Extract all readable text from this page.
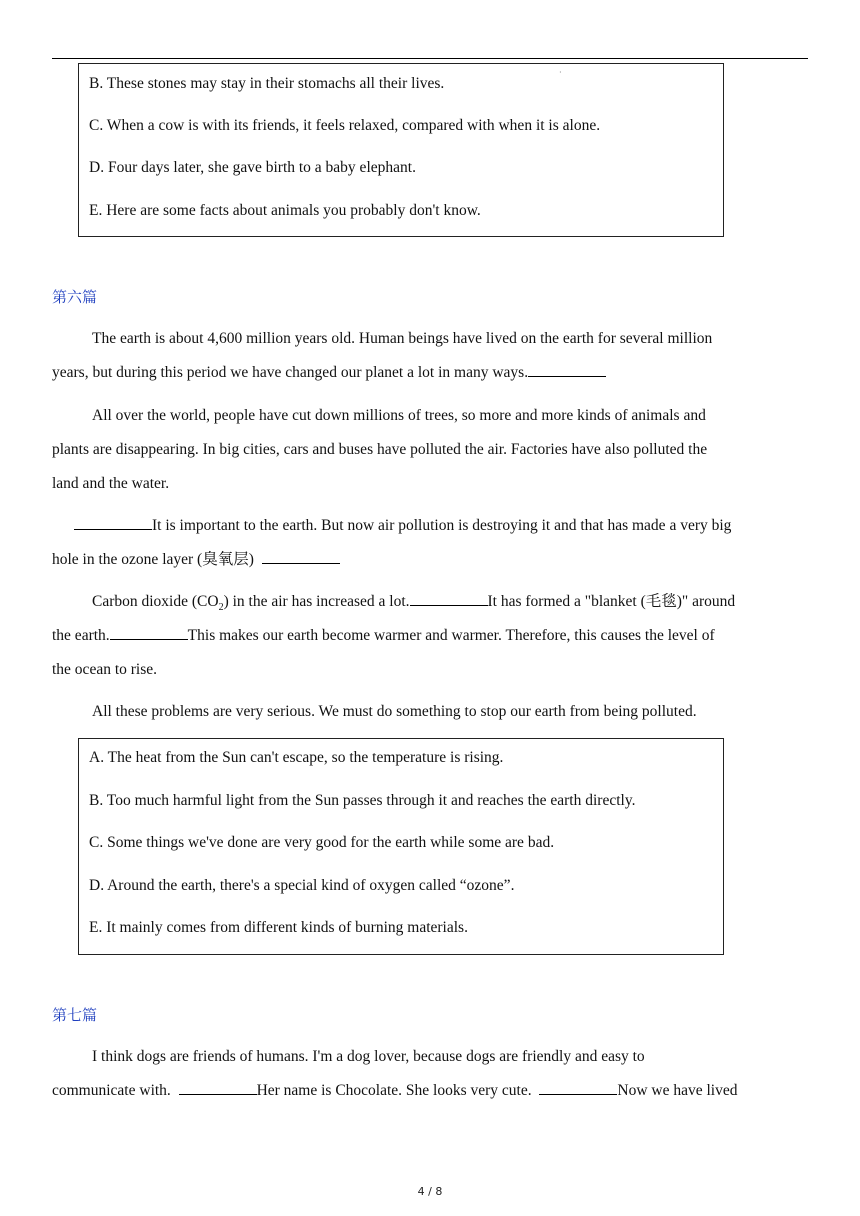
·
B. These stones may stay in their stomachs all their lives.
C. When a cow is with its friends, it feels relaxed, compared with when it is alone.
D. Four days later, she gave birth to a baby elephant.
E. Here are some facts about animals you probably don't know.
第六篇
The earth is about 4,600 million years old. Human beings have lived on the earth for several million
years, but during this period we have changed our planet a lot in many ways.
All over the world, people have cut down millions of trees, so more and more kinds of animals and
plants are disappearing. In big cities, cars and buses have polluted the air. Factories have also polluted the
land and the water.
It is important to the earth. But now air pollution is destroying it and that has made a very big
hole in the ozone layer (臭氧层)
Carbon dioxide $(CO_2)$ in the air has increased a lot.	It has formed a "blanket (毛毯)" around
the earth.	This makes our earth become warmer and warmer. Therefore, this causes the level of
the ocean to rise.
All these problems are very serious. We must do something to stop our earth from being polluted.
A. The heat from the Sun can't escape, so the temperature is rising.
B. Too much harmful light from the Sun passes through it and reaches the earth directly.
C. Some things we've done are very good for the earth while some are bad.
D. Around the earth, there's a special kind of oxygen called “ozone”.
E. It mainly comes from different kinds of burning materials.
第七篇
I think dogs are friends of humans. I'm a dog lover, because dogs are friendly and easy to
communicate with.	Her name is Chocolate. She looks very cute.	Now we have lived
4 / 8
